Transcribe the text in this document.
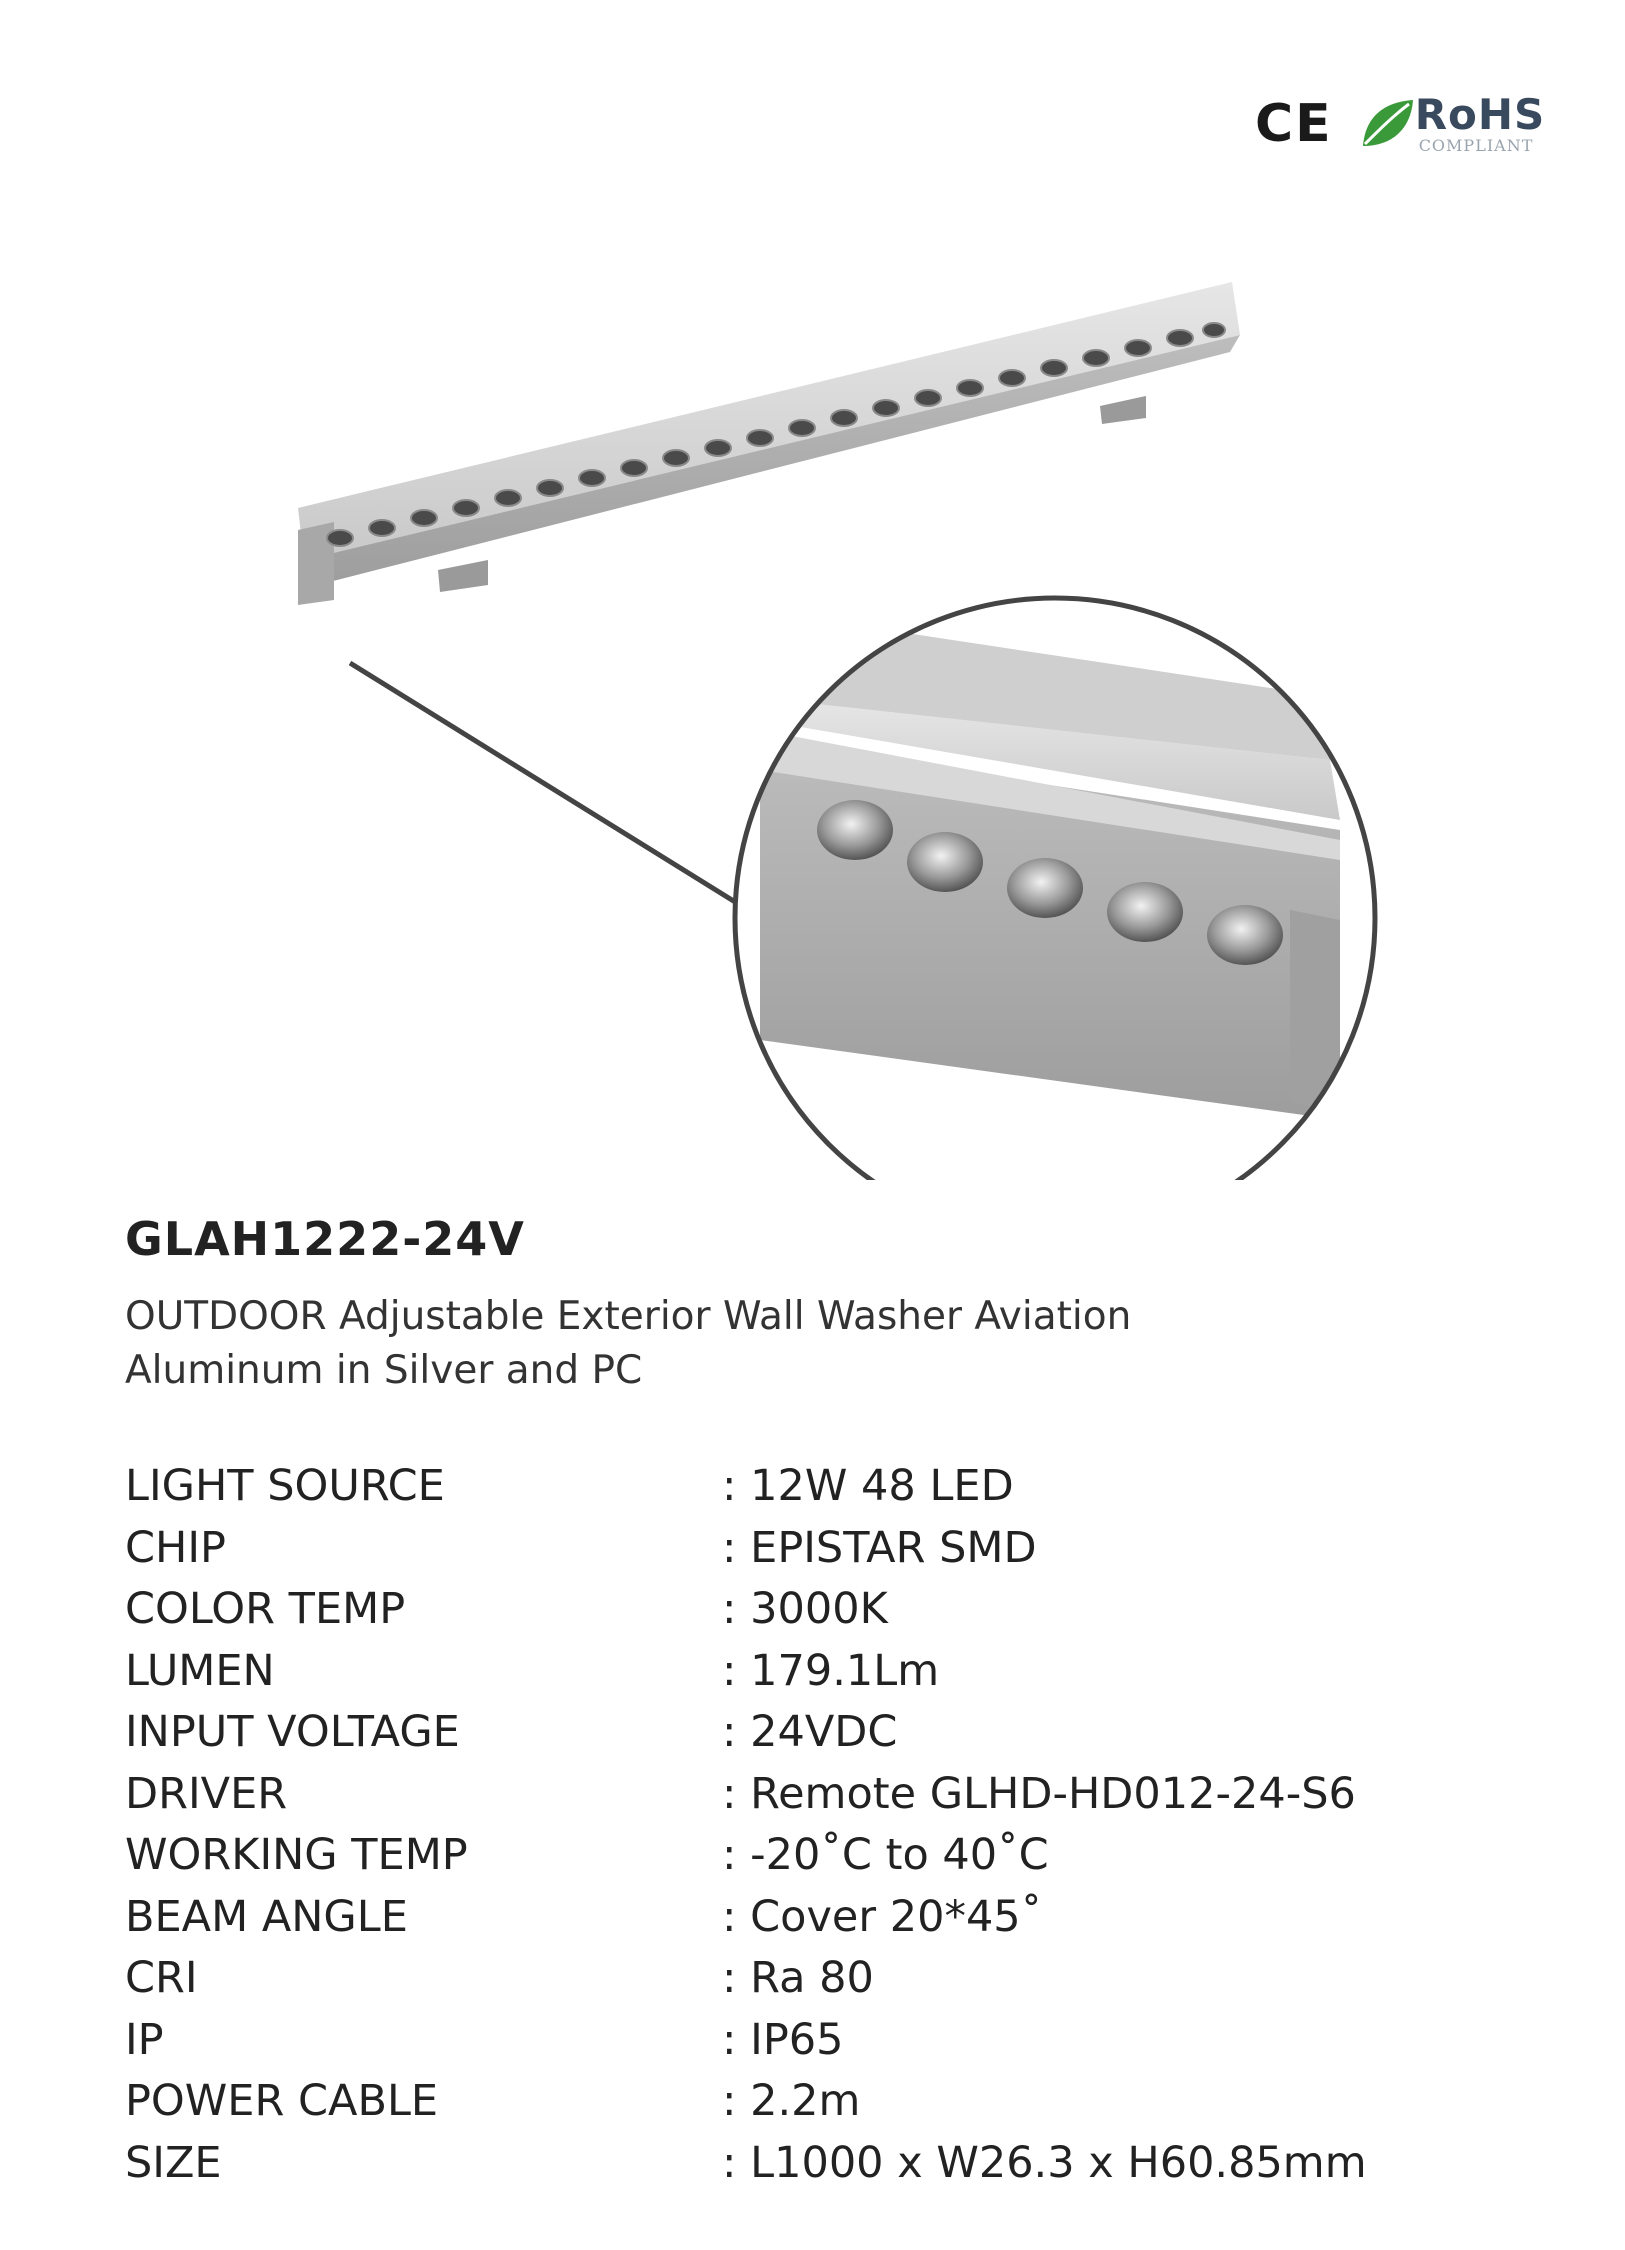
CE RoHS
COMPLIANT
GLAH1222-24V

OUTDOOR Adjustable Exterior Wall Washer Aviation
Aluminum in Silver and PC

LIGHT SOURCE	: 12W 48 LED
CHIP	: EPISTAR SMD
COLOR TEMP	: 3000K
LUMEN	: 179.1Lm
INPUT VOLTAGE	: 24VDC
DRIVER	: Remote GLHD-HD012-24-S6
WORKING TEMP	: -20˚C to 40˚C
BEAM ANGLE	: Cover 20*45˚
CRI	: Ra 80
IP	: IP65
POWER CABLE	: 2.2m
SIZE	: L1000 x W26.3 x H60.85mm
